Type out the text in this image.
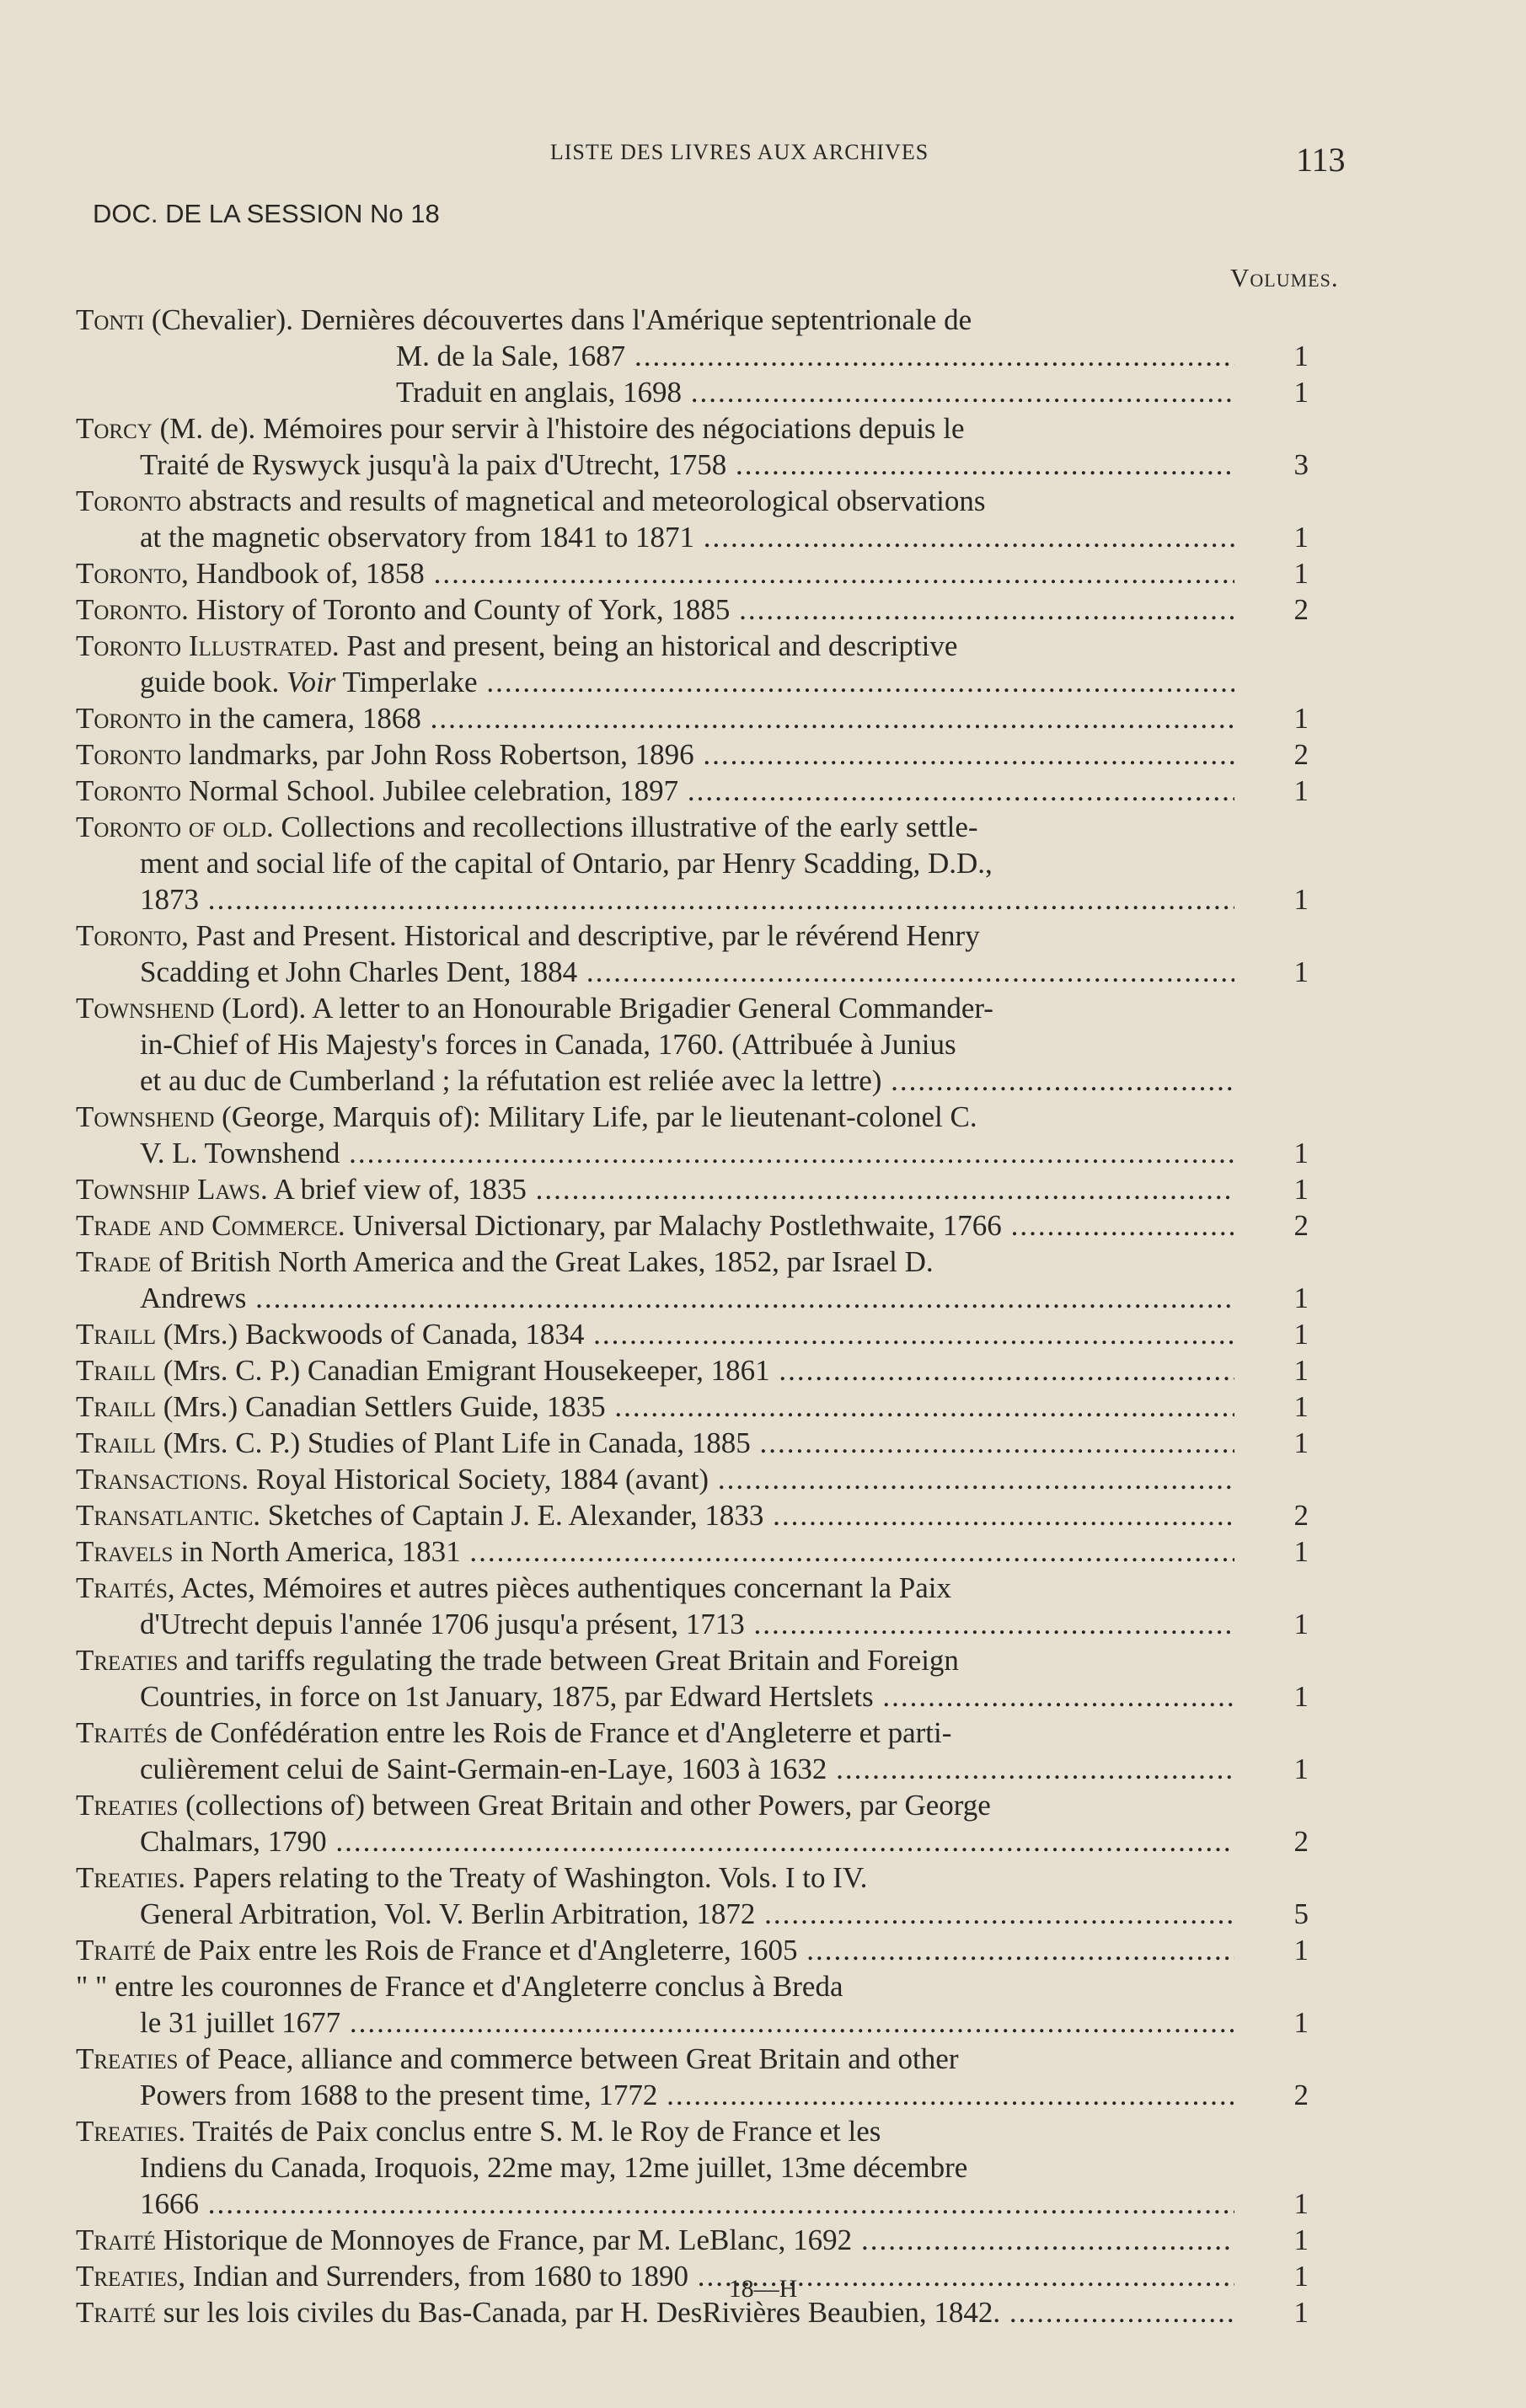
LISTE DES LIVRES AUX ARCHIVES	113
DOC. DE LA SESSION No 18
Volumes.
Tonti (Chevalier). Dernières découvertes dans l'Amérique septentrionale de
M. de la Sale, 1687 .....	1
Traduit en anglais, 1698 .....	1
Torcy (M. de). Mémoires pour servir à l'histoire des négociations depuis le
Traité de Ryswyck jusqu'à la paix d'Utrecht, 1758 .....	3
Toronto abstracts and results of magnetical and meteorological observations
at the magnetic observatory from 1841 to 1871 .....	1
Toronto, Handbook of, 1858 .....	1
Toronto. History of Toronto and County of York, 1885 .....	2
Toronto Illustrated. Past and present, being an historical and descriptive
guide book. Voir Timperlake .....
Toronto in the camera, 1868 .....	1
Toronto landmarks, par John Ross Robertson, 1896 .....	2
Toronto Normal School. Jubilee celebration, 1897 .....	1
Toronto of old. Collections and recollections illustrative of the early settle-
ment and social life of the capital of Ontario, par Henry Scadding, D.D.,
1873 .....	1
Toronto, Past and Present. Historical and descriptive, par le révérend Henry
Scadding et John Charles Dent, 1884 .....	1
Townshend (Lord). A letter to an Honourable Brigadier General Commander-
in-Chief of His Majesty's forces in Canada, 1760. (Attribuée à Junius
et au duc de Cumberland ; la réfutation est reliée avec la lettre) .....
Townshend (George, Marquis of): Military Life, par le lieutenant-colonel C.
V. L. Townshend .....	1
Township Laws. A brief view of, 1835 .....	1
Trade and Commerce. Universal Dictionary, par Malachy Postlethwaite, 1766 .....	2
Trade of British North America and the Great Lakes, 1852, par Israel D.
Andrews .....	1
Traill (Mrs.) Backwoods of Canada, 1834 .....	1
Traill (Mrs. C. P.) Canadian Emigrant Housekeeper, 1861 .....	1
Traill (Mrs.) Canadian Settlers Guide, 1835 .....	1
Traill (Mrs. C. P.) Studies of Plant Life in Canada, 1885 .....	1
Transactions. Royal Historical Society, 1884 (avant) .....
Transatlantic. Sketches of Captain J. E. Alexander, 1833 .....	2
Travels in North America, 1831 .....	1
Traités, Actes, Mémoires et autres pièces authentiques concernant la Paix
d'Utrecht depuis l'année 1706 jusqu'a présent, 1713 .....	1
Treaties and tariffs regulating the trade between Great Britain and Foreign
Countries, in force on 1st January, 1875, par Edward Hertslets .....	1
Traités de Confédération entre les Rois de France et d'Angleterre et parti-
culièrement celui de Saint-Germain-en-Laye, 1603 à 1632 .....	1
Treaties (collections of) between Great Britain and other Powers, par George
Chalmars, 1790 .....	2
Treaties. Papers relating to the Treaty of Washington. Vols. I to IV.
General Arbitration, Vol. V. Berlin Arbitration, 1872 .....	5
Traité de Paix entre les Rois de France et d'Angleterre, 1605 .....	1
" " entre les couronnes de France et d'Angleterre conclus à Breda
le 31 juillet 1677 .....	1
Treaties of Peace, alliance and commerce between Great Britain and other
Powers from 1688 to the present time, 1772 .....	2
Treaties. Traités de Paix conclus entre S. M. le Roy de France et les
Indiens du Canada, Iroquois, 22me may, 12me juillet, 13me décembre
1666 .....	1
Traité Historique de Monnoyes de France, par M. LeBlanc, 1692 .....	1
Treaties, Indian and Surrenders, from 1680 to 1890 .....	1
Traité sur les lois civiles du Bas-Canada, par H. DesRivières Beaubien, 1842. .....	1
18—H
